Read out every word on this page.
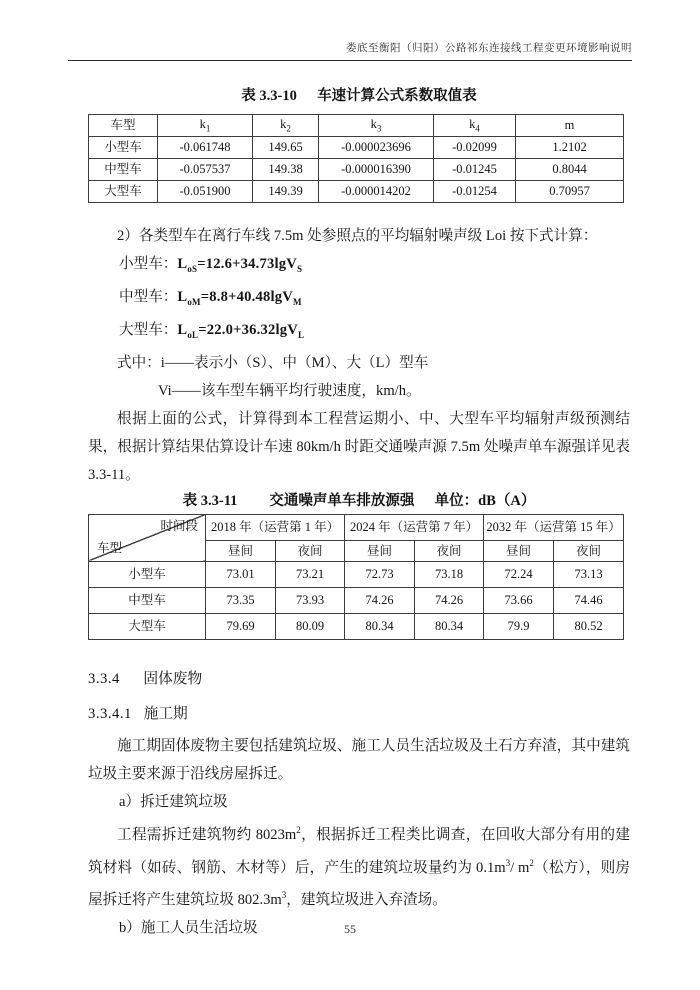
娄底至衡阳（归阳）公路祁东连接线工程变更环境影响说明
表 3.3-10 车速计算公式系数取值表
车型	$k_1$	$k_2$	$k_3$	$k_4$	m
小型车	-0.061748	149.65	-0.000023696	-0.02099	1.2102
中型车	-0.057537	149.38	-0.000016390	-0.01245	0.8044
大型车	-0.051900	149.39	-0.000014202	-0.01254	0.70957

2）各类型车在离行车线 7.5m 处参照点的平均辐射噪声级 Loi 按下式计算：

小型车：$L_{oS}=12.6+34.73\lg V_S$
中型车：$L_{oM}=8.8+40.48\lg V_M$
大型车：$L_{oL}=22.0+36.32\lg V_L$
式中：i——表示小（S）、中（M）、大（L）型车
Vi——该车型车辆平均行驶速度，km/h。

根据上面的公式，计算得到本工程营运期小、中、大型车平均辐射声级预测结果，根据计算结果估算设计车速 80km/h 时距交通噪声源 7.5m 处噪声单车源强详见表 3.3-11。

表 3.3-11 交通噪声单车排放源强 单位：dB（A）
时间段
车型	2018 年（运营第 1 年）		2024 年（运营第 7 年）		2032 年（运营第 15 年）	
	昼间	夜间	昼间	夜间	昼间	夜间
小型车	73.01	73.21	72.73	73.18	72.24	73.13
中型车	73.35	73.93	74.26	74.26	73.66	74.46
大型车	79.69	80.09	80.34	80.34	79.9	80.52
3.3.4 固体废物
3.3.4.1 施工期

施工期固体废物主要包括建筑垃圾、施工人员生活垃圾及土石方弃渣，其中建筑垃圾主要来源于沿线房屋拆迁。

a）拆迁建筑垃圾

工程需拆迁建筑物约 $8023m^2$，根据拆迁工程类比调查，在回收大部分有用的建筑材料（如砖、钢筋、木材等）后，产生的建筑垃圾量约为 $0.1m^3/$ $m^2$（松方），则房屋拆迁将产生建筑垃圾 $802.3m^3$，建筑垃圾进入弃渣场。

b）施工人员生活垃圾	55
